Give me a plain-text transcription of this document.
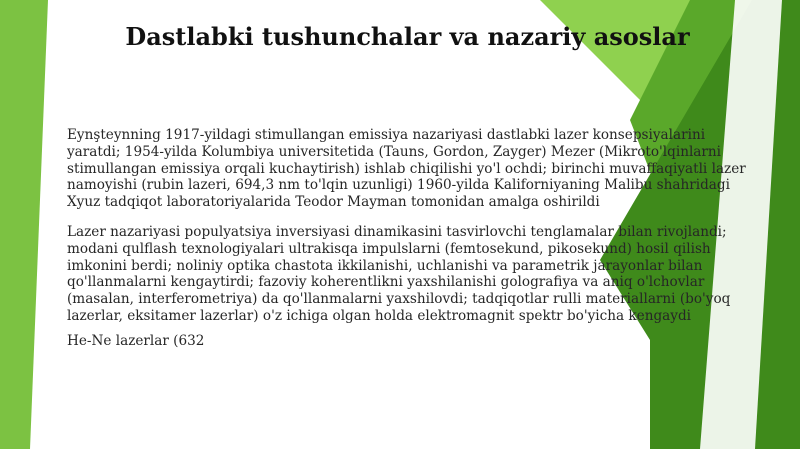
Dastlabki tushunchalar va nazariy asoslar

Eynşteynning 1917-yildagi stimullangan emissiya nazariyasi dastlabki lazer konsepsiyalarini yaratdi; 1954-yilda Kolumbiya universitetida (Tauns, Gordon, Zayger) Mezer (Mikroto'lqinlarni stimullangan emissiya orqali kuchaytirish) ishlab chiqilishi yo'l ochdi; birinchi muvaffaqiyatli lazer namoyishi (rubin lazeri, 694,3 nm to'lqin uzunligi) 1960-yilda Kaliforniyaning Malibu shahridagi Xyuz tadqiqot laboratoriyalarida Teodor Mayman tomonidan amalga oshirildi

Lazer nazariyasi populyatsiya inversiyasi dinamikasini tasvirlovchi tenglamalar bilan rivojlandi; modani qulflash texnologiyalari ultrakisqa impulslarni (femtosekund, pikosekund) hosil qilish imkonini berdi; noliniy optika chastota ikkilanishi, uchlanishi va parametrik jarayonlar bilan qo'llanmalarni kengaytirdi; fazoviy koherentlikni yaxshilanishi golografiya va aniq o'lchovlar (masalan, interferometriya) da qo'llanmalarni yaxshilovdi; tadqiqotlar rulli materiallarni (bo'yoq lazerlar, eksitamer lazerlar) o'z ichiga olgan holda elektromagnit spektr bo'yicha kengaydi

He-Ne lazerlar (632
